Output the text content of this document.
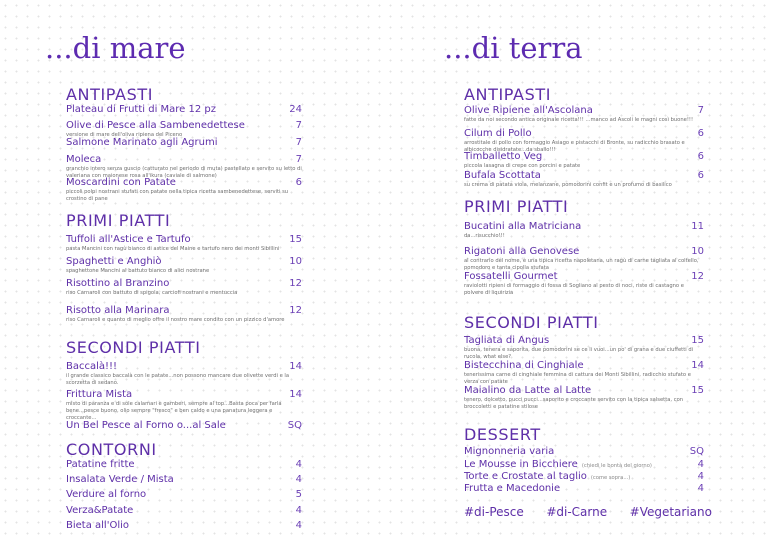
...di mare	...di terra
ANTIPASTI
Plateau di Frutti di Mare 12 pz	24
Olive di Pesce alla Sambenedettese	7
versione di mare dell'oliva ripiena del Piceno
Salmone Marinato agli Agrumi	7
Moleca	7
granchio intero senza guscio (catturato nel periodo di muta) pastellato e servito su letto di valeriana con maionese rosa all'ikura (caviale di salmone)
Moscardini con Patate	6
piccoli polpi nostrani stufati con patate nella tipica ricetta sambenedettese, serviti su crostino di pane
PRIMI PIATTI
Tuffoli all'Astice e Tartufo	15
pasta Mancini con ragù bianco di astice del Maine e tartufo nero dei monti Sibillini
Spaghetti e Anghiò	10
spaghettone Mancini al battuto bianco di alici nostrane
Risottino al Branzino	12
riso Carnaroli con battuto di spigola, carciofi nostrani e mentuccia
Risotto alla Marinara	12
riso Carnaroli e quanto di meglio offre il nostro mare condito con un pizzico d'amore
SECONDI PIATTI
Baccalà!!!	14
il grande classico baccalà con le patate...non possono mancare due olivette verdi e la scorzetta di sedano.
Frittura Mista	14
misto di paranza e di sole calamari e gamberi, sempre al top...Basta poca per farla bene...pesce buono, olio sempre "fresco" e ben caldo e una panatura leggera e croccante...
Un Bel Pesce al Forno o...al Sale	SQ
CONTORNI
Patatine fritte	4
Insalata Verde / Mista	4
Verdure al forno	5
Verza&Patate	4
Bieta all'Olio	4
ANTIPASTI
Olive Ripiene all'Ascolana	7
fatte da noi secondo antica originale ricetta!!! ...manco ad Ascoli le magni così buone!!!
Cilum di Pollo	6
arrostitale di pollo con formaggio Asiago e pistacchi di Bronte, su radicchio brasato e albicocche disidratate...da sballo!!!
Timballetto Veg	6
piccola lasagna di crepe con porcini e patate
Bufala Scottata	6
su crema di patata viola, melanzane, pomodorini confit e un profumo di basilico
PRIMI PIATTI
Bucatini alla Matriciana	11
da...risucchio!!!
Rigatoni alla Genovese	10
al contrario del nome, è una tipica ricetta napoletana, un ragù di carne tagliata al coltello, pomodoro e tanta cipolla stufata
Fossatelli Gourmet	12
raviolotti ripieni di formaggio di fossa di Sogliano al pesto di noci, riste di castagno e polvere di liquirizia
SECONDI PIATTI
Tagliata di Angus	15
buona, tenera e saporita, due pomodorini se ce li vuoi...un po' di grana e due ciuffetti di rucola, what else?
Bistecchina di Cinghiale	14
tenerissima carne di cinghiale femmina di cattura dei Monti Sibillini, radicchio stufato e verza con patate
Maialino da Latte al Latte	15
tenero, dolcetto, pucci pucci...saporito e croccante servito con la tipica salsetta, con broccoletti e patatine stilose
DESSERT
Mignonneria varia	SQ
Le Mousse in Bicchiere (chiedi le bontà del giorno)	4
Torte e Crostate al taglio (come sopra...)	4
Frutta e Macedonie	4
#di-Pesce #di-Carne #Vegetariano
